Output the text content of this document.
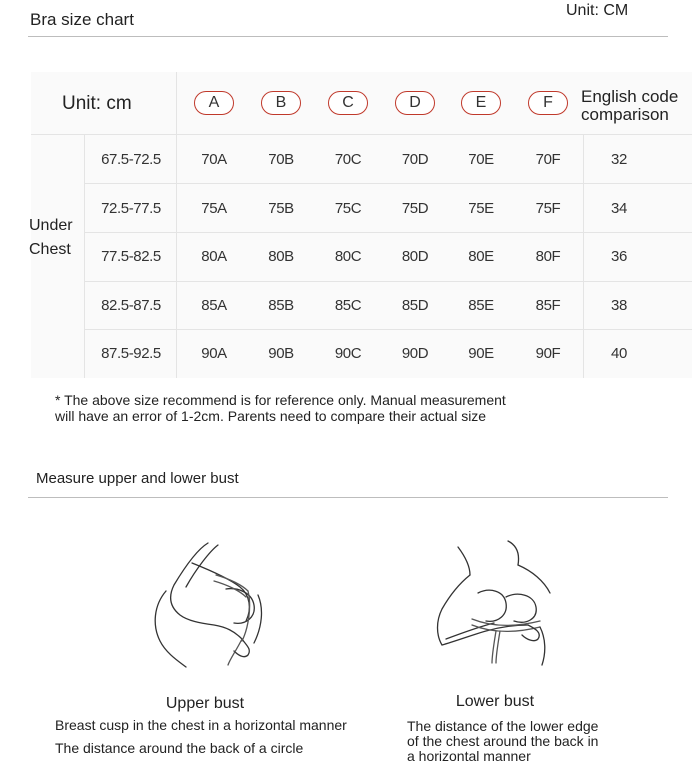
Bra size chart	Unit: CM
Unit: cm	A	B	C	D	E	F	English code
comparison
Under
Chest
67.5-72.5	70A	70B	70C	70D	70E	70F	32
72.5-77.5	75A	75B	75C	75D	75E	75F	34
77.5-82.5	80A	80B	80C	80D	80E	80F	36
82.5-87.5	85A	85B	85C	85D	85E	85F	38
87.5-92.5	90A	90B	90C	90D	90E	90F	40
* The above size recommend is for reference only. Manual measurement
will have an error of 1-2cm. Parents need to compare their actual size
Measure upper and lower bust
Upper bust
Breast cusp in the chest in a horizontal manner
The distance around the back of a circle
Lower bust
The distance of the lower edge
of the chest around the back in
a horizontal manner
